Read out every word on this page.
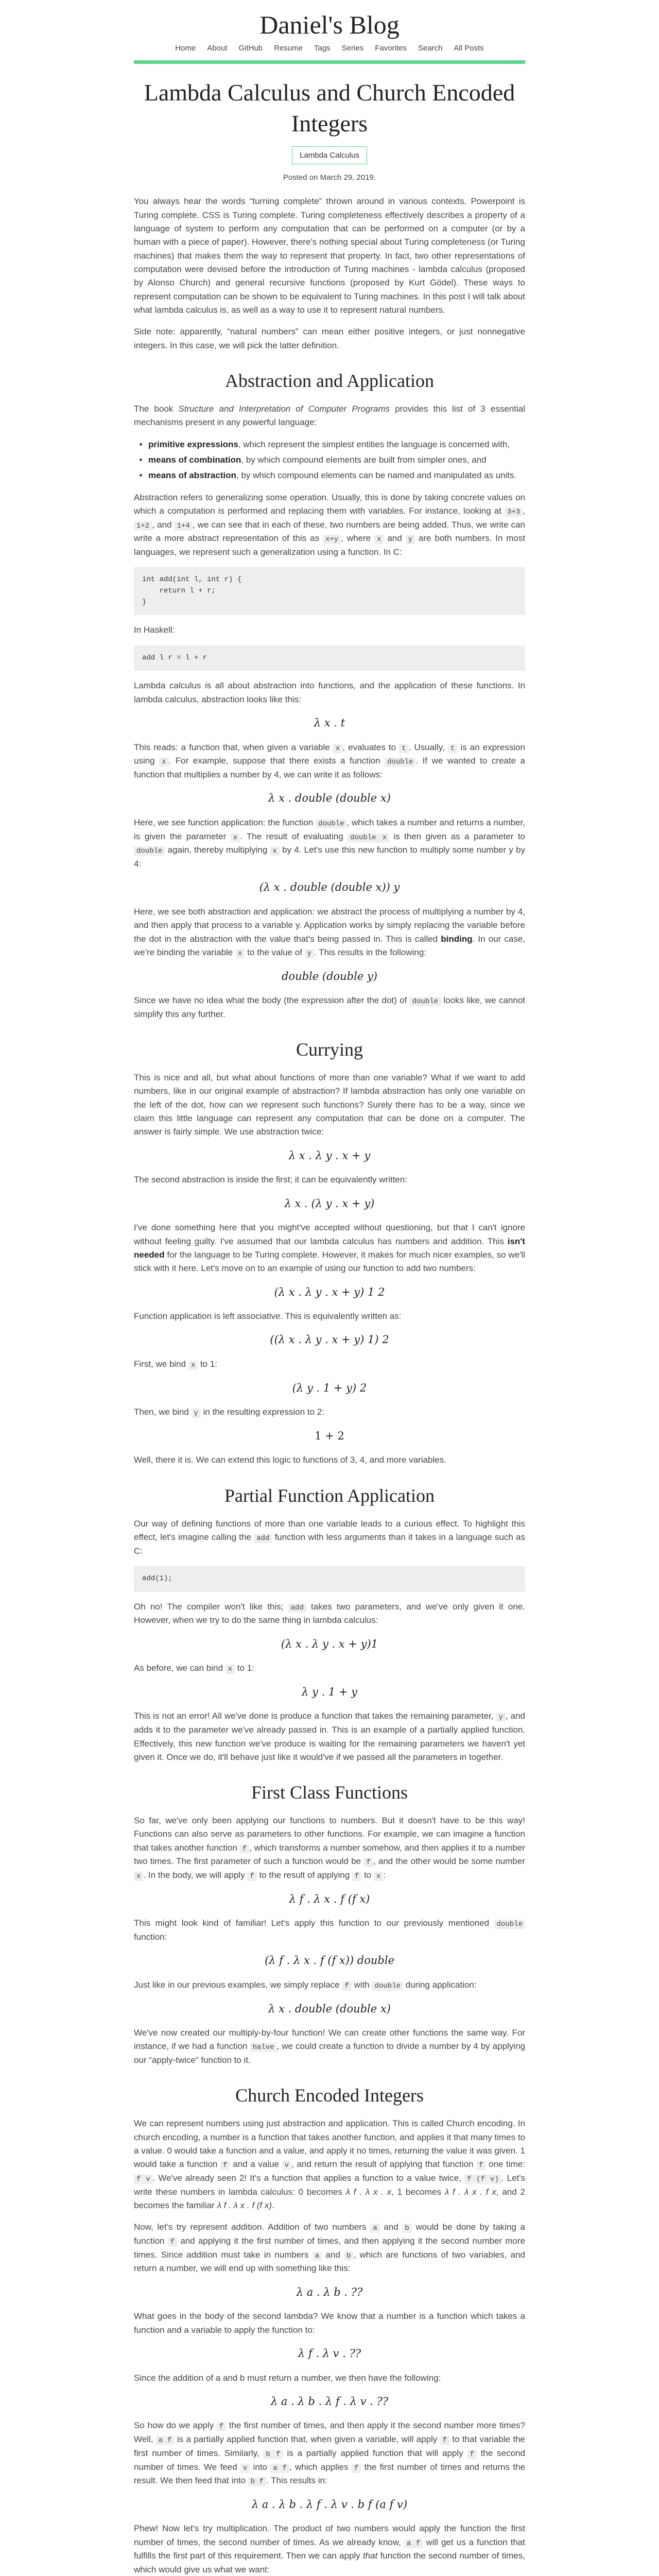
Daniel's Blog
Home About GitHub Resume Tags Series Favorites Search All Posts
Lambda Calculus and Church Encoded Integers
Lambda Calculus
Posted on March 29, 2019.

You always hear the words “turning complete” thrown around in various contexts. Powerpoint is Turing complete. CSS is Turing complete. Turing completeness effectively describes a property of a language of system to perform any computation that can be performed on a computer (or by a human with a piece of paper). However, there's nothing special about Turing completeness (or Turing machines) that makes them the way to represent that property. In fact, two other representations of computation were devised before the introduction of Turing machines - lambda calculus (proposed by Alonso Church) and general recursive functions (proposed by Kurt Gödel). These ways to represent computation can be shown to be equivalent to Turing machines. In this post I will talk about what lambda calculus is, as well as a way to use it to represent natural numbers.

Side note: apparently, “natural numbers” can mean either positive integers, or just nonnegative integers. In this case, we will pick the latter definition.

Abstraction and Application

The book Structure and Interpretation of Computer Programs provides this list of 3 essential mechanisms present in any powerful language:

• primitive expressions, which represent the simplest entities the language is concerned with,
• means of combination, by which compound elements are built from simpler ones, and
• means of abstraction, by which compound elements can be named and manipulated as units.

Abstraction refers to generalizing some operation. Usually, this is done by taking concrete values on which a computation is performed and replacing them with variables. For instance, looking at 3+3 , 1+2 , and 1+4 , we can see that in each of these, two numbers are being added. Thus, we write can write a more abstract representation of this as x+y , where x and y are both numbers. In most languages, we represent such a generalization using a function. In C:

int add(int l, int r) {
return l + r;
}

In Haskell:

add l r = l + r

Lambda calculus is all about abstraction into functions, and the application of these functions. In lambda calculus, abstraction looks like this:

λ x . t

This reads: a function that, when given a variable x , evaluates to t . Usually, t is an expression using x . For example, suppose that there exists a function double . If we wanted to create a function that multiplies a number by 4, we can write it as follows:

λ x . double (double x)

Here, we see function application: the function double , which takes a number and returns a number, is given the parameter x . The result of evaluating double x is then given as a parameter to double again, thereby multiplying x by 4. Let's use this new function to multiply some number y by 4:

(λ x . double (double x)) y

Here, we see both abstraction and application: we abstract the process of multiplying a number by 4, and then apply that process to a variable y. Application works by simply replacing the variable before the dot in the abstraction with the value that's being passed in. This is called binding. In our case, we're binding the variable x to the value of y . This results in the following:

double (double y)

Since we have no idea what the body (the expression after the dot) of double looks like, we cannot simplify this any further.

Currying

This is nice and all, but what about functions of more than one variable? What if we want to add numbers, like in our original example of abstraction? If lambda abstraction has only one variable on the left of the dot, how can we represent such functions? Surely there has to be a way, since we claim this little language can represent any computation that can be done on a computer. The answer is fairly simple. We use abstraction twice:

λ x . λ y . x + y

The second abstraction is inside the first; it can be equivalently written:

λ x . (λ y . x + y)

I've done something here that you might've accepted without questioning, but that I can't ignore without feeling guilty. I've assumed that our lambda calculus has numbers and addition. This isn't needed for the language to be Turing complete. However, it makes for much nicer examples, so we'll stick with it here. Let's move on to an example of using our function to add two numbers:

(λ x . λ y . x + y) 1 2

Function application is left associative. This is equivalently written as:

((λ x . λ y . x + y) 1) 2

First, we bind x to 1:

(λ y . 1 + y) 2

Then, we bind y in the resulting expression to 2:

1 + 2

Well, there it is. We can extend this logic to functions of 3, 4, and more variables.

Partial Function Application

Our way of defining functions of more than one variable leads to a curious effect. To highlight this effect, let's imagine calling the add function with less arguments than it takes in a language such as C:

add(1);

Oh no! The compiler won't like this; add takes two parameters, and we've only given it one. However, when we try to do the same thing in lambda calculus:

(λ x . λ y . x + y)1

As before, we can bind x to 1:

λ y . 1 + y

This is not an error! All we've done is produce a function that takes the remaining parameter, y , and adds it to the parameter we've already passed in. This is an example of a partially applied function. Effectively, this new function we've produce is waiting for the remaining parameters we haven't yet given it. Once we do, it'll behave just like it would've if we passed all the parameters in together.

First Class Functions

So far, we've only been applying our functions to numbers. But it doesn't have to be this way! Functions can also serve as parameters to other functions. For example, we can imagine a function that takes another function f , which transforms a number somehow, and then applies it to a number two times. The first parameter of such a function would be f , and the other would be some number x . In the body, we will apply f to the result of applying f to x :

λ f . λ x . f (f x)

This might look kind of familiar! Let's apply this function to our previously mentioned double function:

(λ f . λ x . f (f x)) double

Just like in our previous examples, we simply replace f with double during application:

λ x . double (double x)

We've now created our multiply-by-four function! We can create other functions the same way. For instance, if we had a function halve , we could create a function to divide a number by 4 by applying our “apply-twice” function to it.

Church Encoded Integers

We can represent numbers using just abstraction and application. This is called Church encoding. In church encoding, a number is a function that takes another function, and applies it that many times to a value. 0 would take a function and a value, and apply it no times, returning the value it was given. 1 would take a function f and a value v , and return the result of applying that function f one time: f v . We've already seen 2! It's a function that applies a function to a value twice, f (f v) . Let's write these numbers in lambda calculus: 0 becomes λ f . λ x . x, 1 becomes λ f . λ x . f x, and 2 becomes the familiar λ f . λ x . f (f x).

Now, let's try represent addition. Addition of two numbers a and b would be done by taking a function f and applying it the first number of times, and then applying it the second number more times. Since addition must take in numbers a and b , which are functions of two variables, and return a number, we will end up with something like this:

λ a . λ b . ??

What goes in the body of the second lambda? We know that a number is a function which takes a function and a variable to apply the function to:

λ f . λ v . ??

Since the addition of a and b must return a number, we then have the following:

λ a . λ b . λ f . λ v . ??

So how do we apply f the first number of times, and then apply it the second number more times? Well, a f is a partially applied function that, when given a variable, will apply f to that variable the first number of times. Similarly, b f is a partially applied function that will apply f the second number of times. We feed v into a f , which applies f the first number of times and returns the result. We then feed that into b f . This results in:

λ a . λ b . λ f . λ v . b f (a f v)

Phew! Now let's try multiplication. The product of two numbers would apply the function the first number of times, the second number of times. As we already know, a f will get us a function that fulfills the first part of this requirement. Then we can apply that function the second number of times, which would give us what we want:
